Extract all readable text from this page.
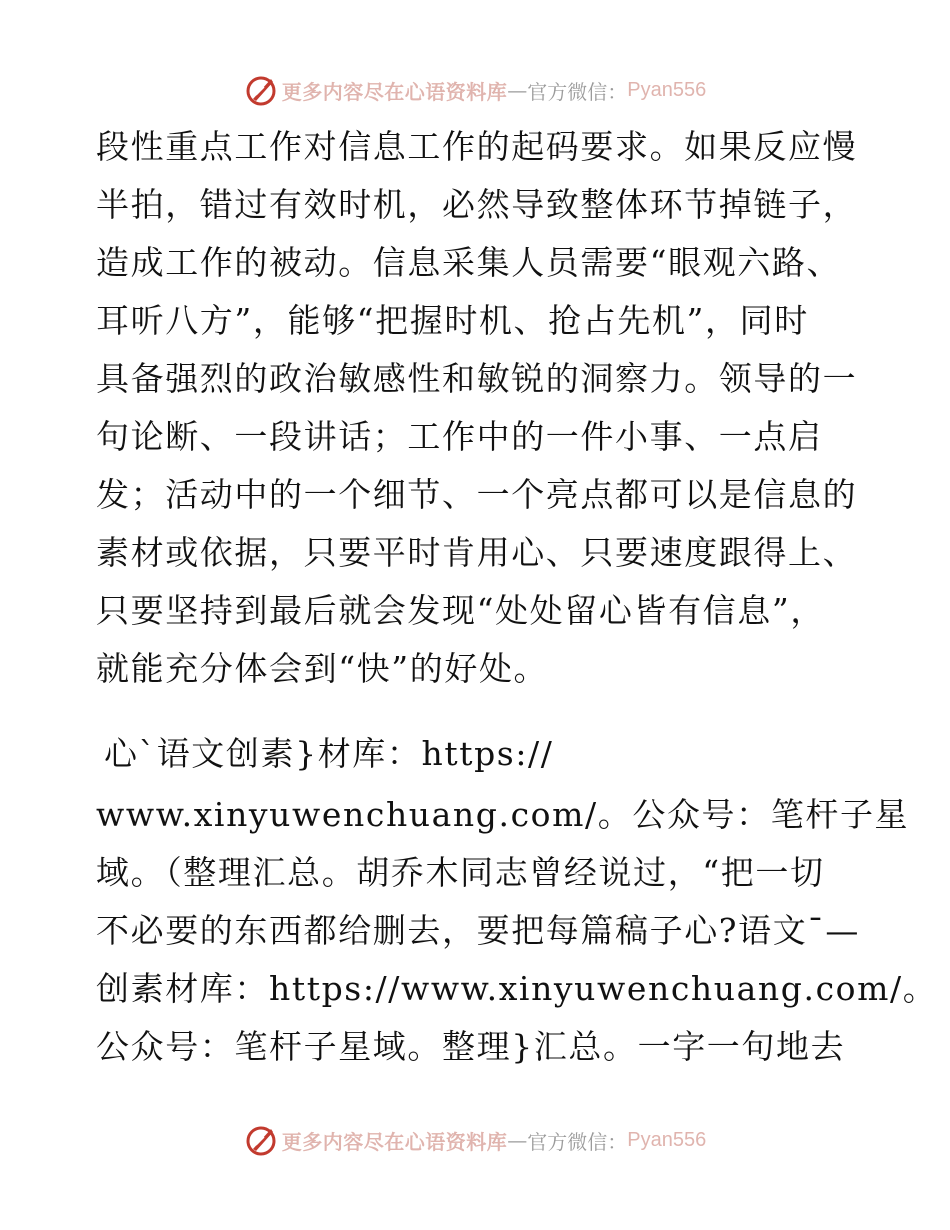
更多内容尽在心语资料库 — 官方微信： Pyan556
段性重点工作对信息工作的起码要求。如果反应慢
半拍，错过有效时机，必然导致整体环节掉链子，
造成工作的被动。信息采集人员需要“眼观六路、
耳听八方”，能够“把握时机、抢占先机”，同时
具备强烈的政治敏感性和敏锐的洞察力。领导的一
句论断、一段讲话；工作中的一件小事、一点启
发；活动中的一个细节、一个亮点都可以是信息的
素材或依据，只要平时肯用心、只要速度跟得上、
只要坚持到最后就会发现“处处留心皆有信息”，
就能充分体会到“快”的好处。
心`语文创素}材库：https://
www.xinyuwenchuang.com/。公众号：笔杆子星
域。（整理汇总。胡乔木同志曾经说过，“把一切
不必要的东西都给删去，要把每篇稿子心?语文¯—
创素材库：https://www.xinyuwenchuang.com/。
公众号：笔杆子星域。整理}汇总。一字一句地去
更多内容尽在心语资料库 — 官方微信： Pyan556
